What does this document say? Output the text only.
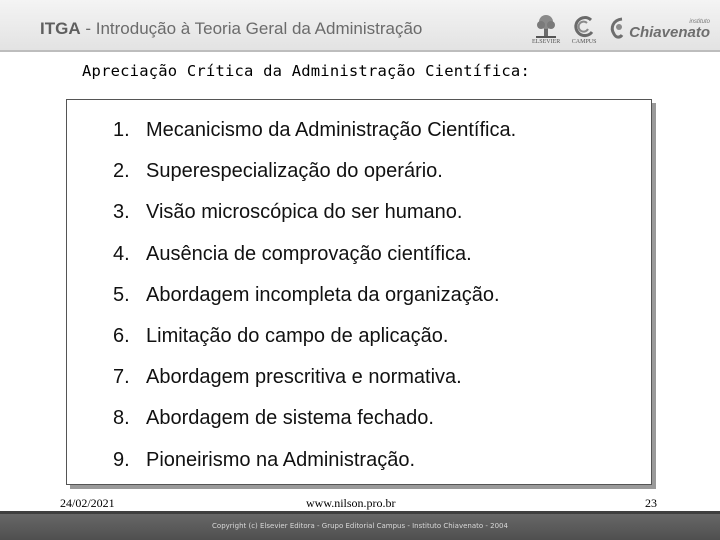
ITGA - Introdução à Teoria Geral da Administração
ELSEVIER CAMPUS
instituto
Chiavenato
Apreciação Crítica da Administração Científica:
1. Mecanicismo da Administração Científica.
2. Superespecialização do operário.
3. Visão microscópica do ser humano.
4. Ausência de comprovação científica.
5. Abordagem incompleta da organização.
6. Limitação do campo de aplicação.
7. Abordagem prescritiva e normativa.
8. Abordagem de sistema fechado.
9. Pioneirismo na Administração.
24/02/2021	www.nilson.pro.br	23
Copyright (c) Elsevier Editora - Grupo Editorial Campus - Instituto Chiavenato - 2004
